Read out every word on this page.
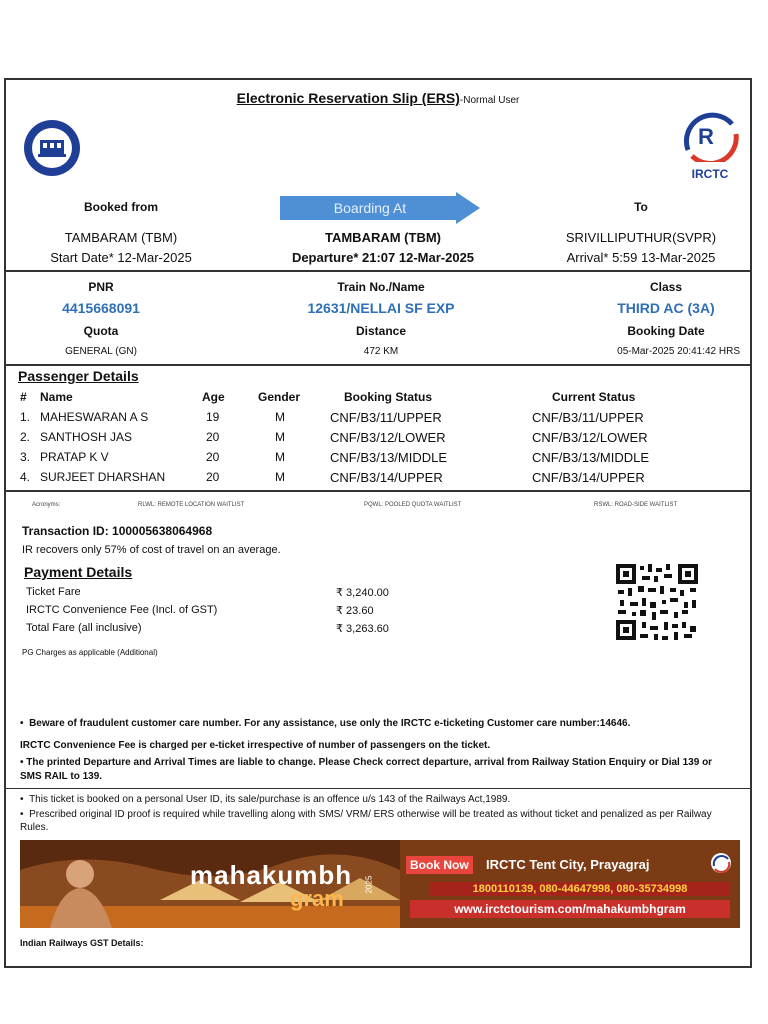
Electronic Reservation Slip (ERS)-Normal User
R
IRCTC
Booked from
TAMBARAM (TBM)
Start Date* 12-Mar-2025
Boarding At
TAMBARAM (TBM)
Departure* 21:07 12-Mar-2025
To
SRIVILLIPUTHUR(SVPR)
Arrival* 5:59 13-Mar-2025
PNR
4415668091
Quota
GENERAL (GN)
Train No./Name
12631/NELLAI SF EXP
Distance
472 KM
Class
THIRD AC (3A)
Booking Date
05-Mar-2025 20:41:42 HRS
Passenger Details
# Name	Age	Gender	Booking Status	Current Status
1. MAHESWARAN A S	19	M	CNF/B3/11/UPPER	CNF/B3/11/UPPER
2. SANTHOSH JAS	20	M	CNF/B3/12/LOWER	CNF/B3/12/LOWER
3. PRATAP K V	20	M	CNF/B3/13/MIDDLE	CNF/B3/13/MIDDLE
4. SURJEET DHARSHAN	20	M	CNF/B3/14/UPPER	CNF/B3/14/UPPER
Acronyms:	RLWL: REMOTE LOCATION WAITLIST	PQWL: POOLED QUOTA WAITLIST	RSWL: ROAD-SIDE WAITLIST
Transaction ID: 100005638064968
IR recovers only 57% of cost of travel on an average.
Payment Details
Ticket Fare	₹ 3,240.00
IRCTC Convenience Fee (Incl. of GST)	₹ 23.60
Total Fare (all inclusive)	₹ 3,263.60
PG Charges as applicable (Additional)
•  Beware of fraudulent customer care number. For any assistance, use only the IRCTC e-ticketing Customer care number:14646.
IRCTC Convenience Fee is charged per e-ticket irrespective of number of passengers on the ticket.
• The printed Departure and Arrival Times are liable to change. Please Check correct departure, arrival from Railway Station Enquiry or Dial 139 or SMS RAIL to 139.
•  This ticket is booked on a personal User ID, its sale/purchase is an offence u/s 143 of the Railways Act,1989.
•  Prescribed original ID proof is required while travelling along with SMS/ VRM/ ERS otherwise will be treated as without ticket and penalized as per Railway Rules.
mahakumbh
gram
2025
Book Now	IRCTC Tent City, Prayagraj
1800110139, 080-44647998, 080-35734998
www.irctctourism.com/mahakumbhgram
Indian Railways GST Details:
